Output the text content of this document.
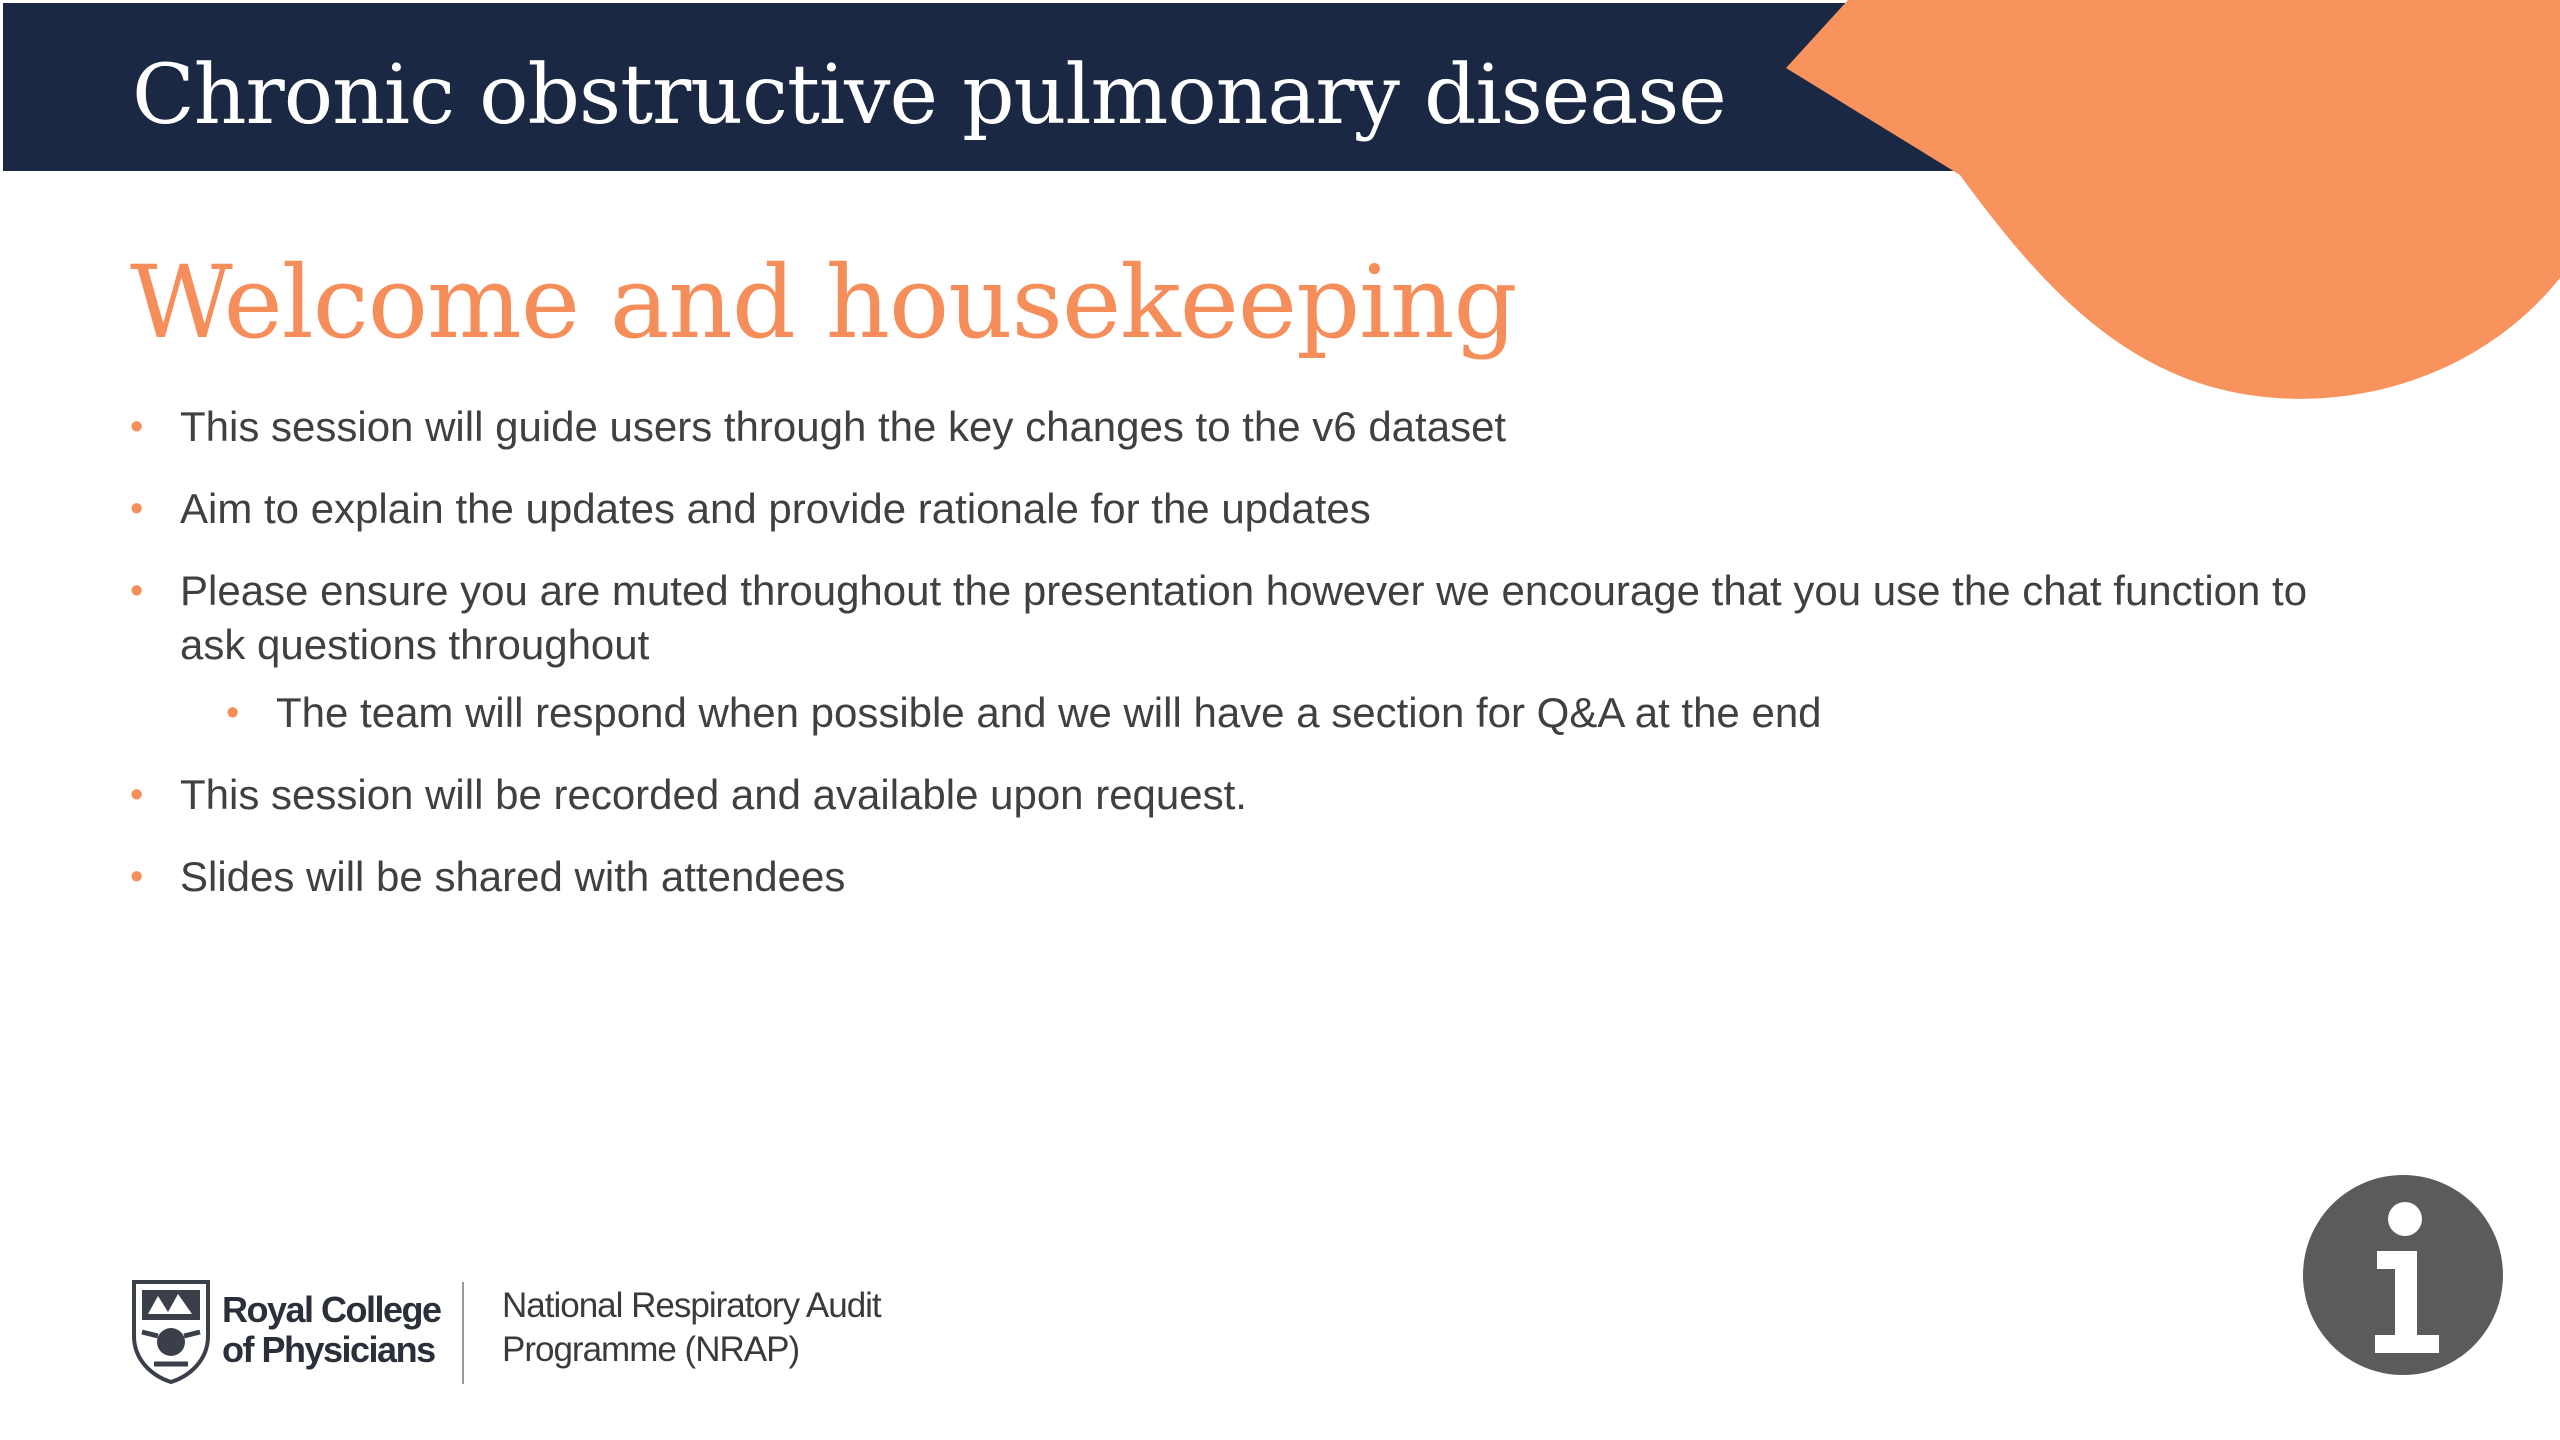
Chronic obstructive pulmonary disease
Welcome and housekeeping
• This session will guide users through the key changes to the v6 dataset
• Aim to explain the updates and provide rationale for the updates
• Please ensure you are muted throughout the presentation however we encourage that you use the chat function to ask questions throughout
• The team will respond when possible and we will have a section for Q&A at the end
• This session will be recorded and available upon request.
• Slides will be shared with attendees
Royal College
of Physicians
National Respiratory Audit
Programme (NRAP)
